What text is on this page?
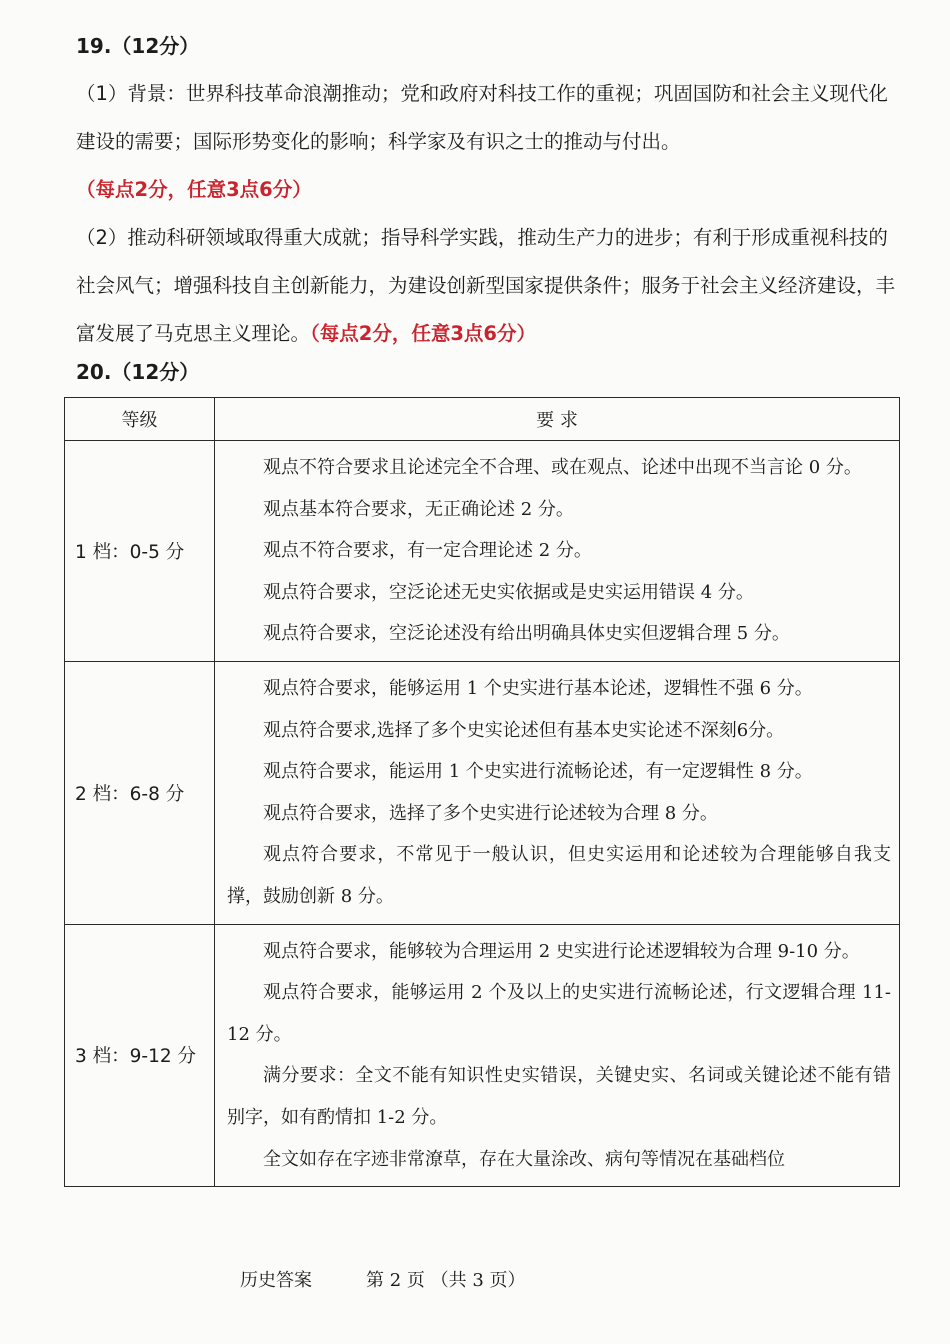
19.（12分）

（1）背景：世界科技革命浪潮推动；党和政府对科技工作的重视；巩固国防和社会主义现代化建设的需要；国际形势变化的影响；科学家及有识之士的推动与付出。（每点2分，任意3点6分）

（2）推动科研领域取得重大成就；指导科学实践，推动生产力的进步；有利于形成重视科技的社会风气；增强科技自主创新能力，为建设创新型国家提供条件；服务于社会主义经济建设，丰富发展了马克思主义理论。（每点2分，任意3点6分）

20.（12分）
等级	要 求
1 档：0-5 分	观点不符合要求且论述完全不合理、或在观点、论述中出现不当言论 0 分。

观点基本符合要求，无正确论述 2 分。

观点不符合要求，有一定合理论述 2 分。

观点符合要求，空泛论述无史实依据或是史实运用错误 4 分。

观点符合要求，空泛论述没有给出明确具体史实但逻辑合理 5 分。

2 档：6-8 分	观点符合要求，能够运用 1 个史实进行基本论述，逻辑性不强 6 分。

观点符合要求,选择了多个史实论述但有基本史实论述不深刻6分。

观点符合要求，能运用 1 个史实进行流畅论述，有一定逻辑性 8 分。

观点符合要求，选择了多个史实进行论述较为合理 8 分。

观点符合要求，不常见于一般认识，但史实运用和论述较为合理能够自我支撑，鼓励创新 8 分。

3 档：9-12 分	观点符合要求，能够较为合理运用 2 史实进行论述逻辑较为合理 9-10 分。

观点符合要求，能够运用 2 个及以上的史实进行流畅论述，行文逻辑合理 11-12 分。

满分要求：全文不能有知识性史实错误，关键史实、名词或关键论述不能有错别字，如有酌情扣 1-2 分。

全文如存在字迹非常潦草，存在大量涂改、病句等情况在基础档位

历史答案	第 2 页 （共 3 页）
